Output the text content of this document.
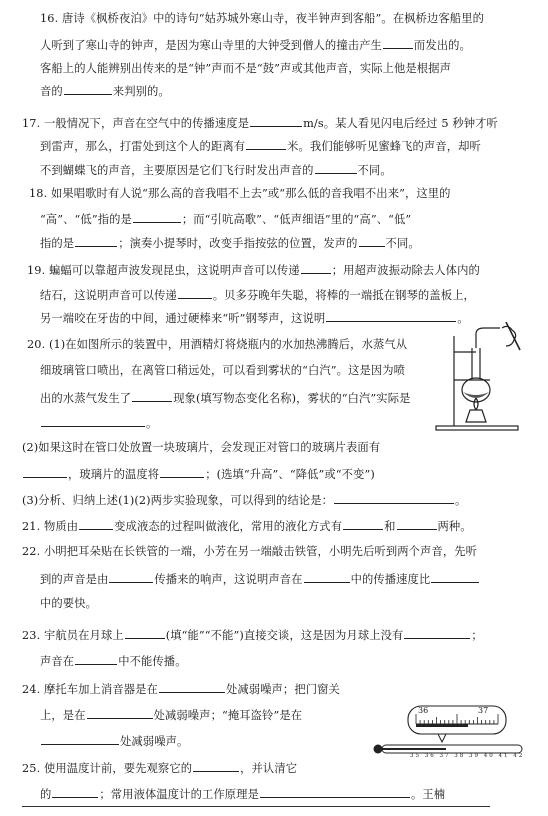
16. 唐诗《枫桥夜泊》中的诗句“姑苏城外寒山寺，夜半钟声到客船”。在枫桥边客船里的
人听到了寒山寺的钟声，是因为寒山寺里的大钟受到僧人的撞击产生	而发出的。
客船上的人能辨别出传来的是“钟”声而不是“鼓”声或其他声音，实际上他是根据声
音的	来判别的。
17. 一般情况下，声音在空气中的传播速度是	m/s。某人看见闪电后经过 5 秒钟才听
到雷声，那么，打雷处到这个人的距离有	米。我们能够听见蜜蜂飞的声音，却听
不到蝴蝶飞的声音，主要原因是它们飞行时发出声音的	不同。
18. 如果唱歌时有人说“那么高的音我唱不上去”或“那么低的音我唱不出来”，这里的
“高”、“低”指的是	；而“引吭高歌”、“低声细语”里的“高”、“低”
指的是	；演奏小提琴时，改变手指按弦的位置，发声的 不同。
19. 蝙蝠可以靠超声波发现昆虫，这说明声音可以传递	；用超声波振动除去人体内的
结石，这说明声音可以传递	。贝多芬晚年失聪，将棒的一端抵在钢琴的盖板上，
另一端咬在牙齿的中间，通过硬棒来“听”钢琴声，这说明	。
20. (1)在如图所示的装置中，用酒精灯将烧瓶内的水加热沸腾后，水蒸气从
细玻璃管口喷出，在离管口稍远处，可以看到雾状的“白汽”。这是因为喷
出的水蒸气发生了	现象(填写物态变化名称)，雾状的“白汽”实际是
。
(2)如果这时在管口处放置一块玻璃片，会发现正对管口的玻璃片表面有
，玻璃片的温度将	；(选填“升高”、“降低”或“不变”)
(3)分析、归纳上述(1)(2)两步实验现象，可以得到的结论是：	。
21. 物质由	变成液态的过程叫做液化，常用的液化方式有	和	两种。
22. 小明把耳朵贴在长铁管的一端，小芳在另一端敲击铁管，小明先后听到两个声音，先听
到的声音是由	传播来的响声，这说明声音在	中的传播速度比
中的要快。
23. 宇航员在月球上	(填“能”“不能”)直接交谈，这是因为月球上没有	；
声音在	中不能传播。
24. 摩托车加上消音器是在	处减弱噪声；把门窗关
上，是在	处减弱噪声；“掩耳盗铃”是在
处减弱噪声。
25. 使用温度计前，要先观察它的	，并认清它
的	；常用液体温度计的工作原理是	。王楠
36	37
35 36 37 38 39 40 41 42
